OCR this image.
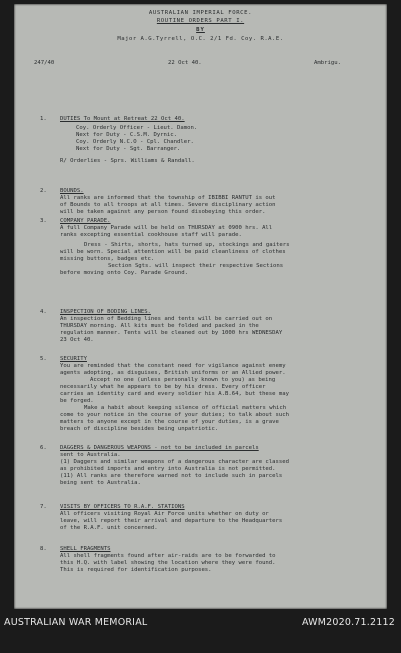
AUSTRALIAN IMPERIAL FORCE.
ROUTINE ORDERS PART I.
BY
Major A.G.Tyrrell, O.C. 2/1 Fd. Coy. R.A.E.
247/40	22 Oct 40.	Ambrigu.
1. DUTIES To Mount at Retreat 22 Oct 40.
Coy. Orderly Officer - Lieut. Damon.
Next for Duty - C.S.M. Dyrnic.
Coy. Orderly N.C.O - Cpl. Chandler.
Next for Duty - Sgt. Barranger.
R/ Orderlies - Sprs. Williams & Randall.
2. BOUNDS.
All ranks are informed that the township of IBIBBI RANTUT is out
of Bounds to all troops at all times. Severe disciplinary action
will be taken against any person found disobeying this order.
3. COMPANY PARADE.
A full Company Parade will be held on THURSDAY at 0900 hrs. All
ranks excepting essential cookhouse staff will parade.
Dress - Shirts, shorts, hats turned up, stockings and gaiters
will be worn. Special attention will be paid cleanliness of clothes
missing buttons, badges etc.
Section Sgts. will inspect their respective Sections
before moving onto Coy. Parade Ground.
4. INSPECTION OF BODING LINES.
An inspection of Bedding lines and tents will be carried out on
THURSDAY morning. All kits must be folded and packed in the
regulation manner. Tents will be cleaned out by 1000 hrs WEDNESDAY
23 Oct 40.
5. SECURITY
You are reminded that the constant need for vigilance against enemy
agents adopting, as disguises, British uniforms or an Allied power.
Accept no one (unless personally known to you) as being
necessarily what he appears to be by his dress. Every officer
carries an identity card and every soldier his A.B.64, but these may
be forged.
Make a habit about keeping silence of official matters which
come to your notice in the course of your duties; to talk about such
matters to anyone except in the course of your duties, is a grave
breach of discipline besides being unpatriotic.
6. DAGGERS & DANGEROUS WEAPONS - not to be included in parcels
sent to Australia.
(1) Daggers and similar weapons of a dangerous character are classed
as prohibited imports and entry into Australia is not permitted.
(11) All ranks are therefore warned not to include such in parcels
being sent to Australia.
7. VISITS BY OFFICERS TO R.A.F. STATIONS
All officers visiting Royal Air Force units whether on duty or
leave, will report their arrival and departure to the Headquarters
of the R.A.F. unit concerned.
8. SHELL FRAGMENTS
All shell fragments found after air-raids are to be forwarded to
this H.Q. with label showing the location where they were found.
This is required for identification purposes.
AUSTRALIAN WAR MEMORIAL	AWM2020.71.2112
